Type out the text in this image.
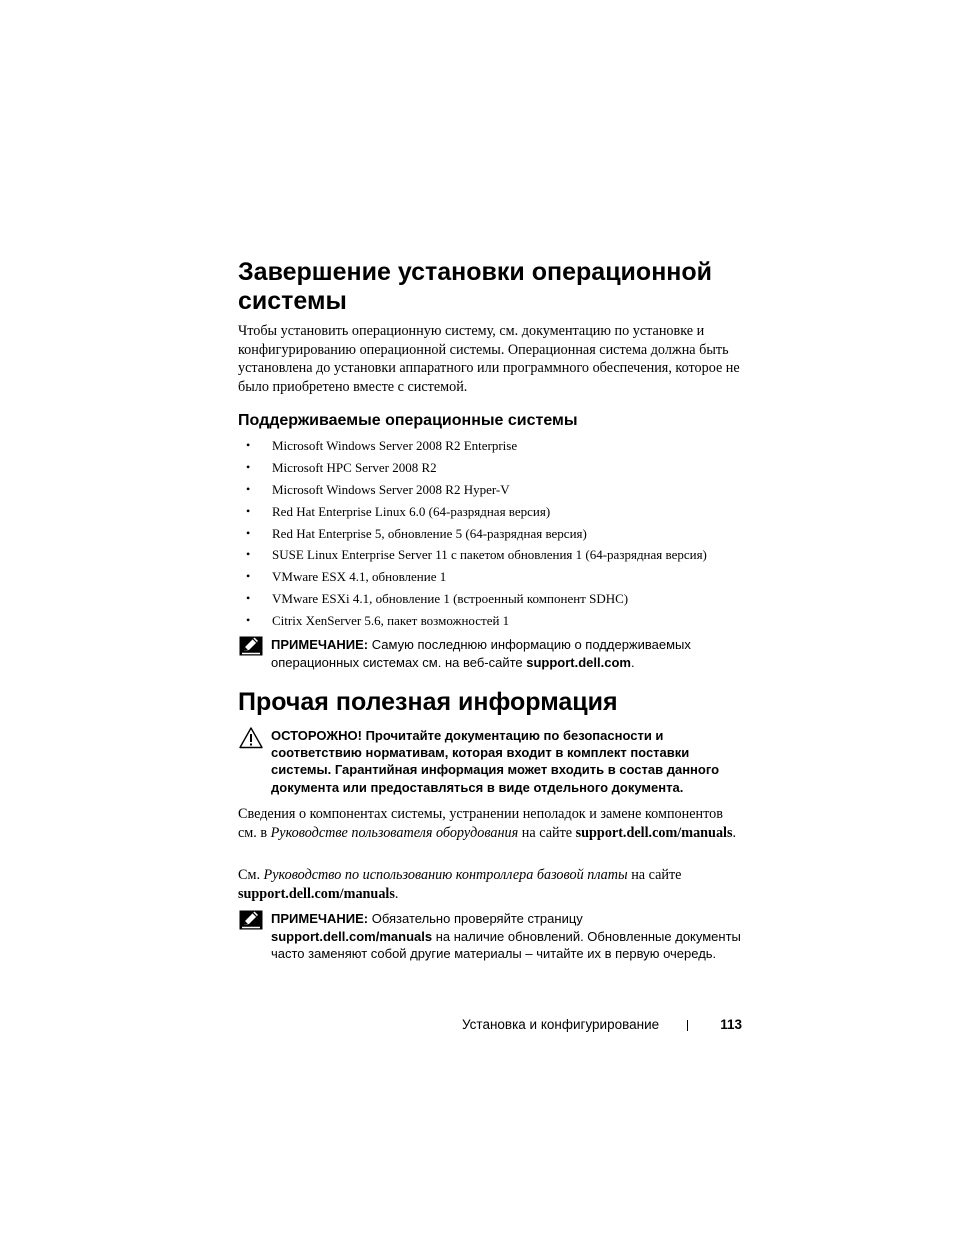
Завершение установки операционной системы

Чтобы установить операционную систему, см. документацию по установке и конфигурированию операционной системы. Операционная система должна быть установлена до установки аппаратного или программного обеспечения, которое не было приобретено вместе с системой.

Поддерживаемые операционные системы
• Microsoft Windows Server 2008 R2 Enterprise
• Microsoft HPC Server 2008 R2
• Microsoft Windows Server 2008 R2 Hyper-V
• Red Hat Enterprise Linux 6.0 (64-разрядная версия)
• Red Hat Enterprise 5, обновление 5 (64-разрядная версия)
• SUSE Linux Enterprise Server 11 с пакетом обновления 1 (64-разрядная версия)
• VMware ESX 4.1, обновление 1
• VMware ESXi 4.1, обновление 1 (встроенный компонент SDHC)
• Citrix XenServer 5.6, пакет возможностей 1
ПРИМЕЧАНИЕ: Самую последнюю информацию о поддерживаемых операционных системах см. на веб-сайте support.dell.com.
Прочая полезная информация
ОСТОРОЖНО! Прочитайте документацию по безопасности и соответствию нормативам, которая входит в комплект поставки системы. Гарантийная информация может входить в состав данного документа или предоставляться в виде отдельного документа.

Сведения о компонентах системы, устранении неполадок и замене компонентов см. в Руководстве пользователя оборудования на сайте support.dell.com/manuals.

См. Руководство по использованию контроллера базовой платы на сайте support.dell.com/manuals.

ПРИМЕЧАНИЕ: Обязательно проверяйте страницу
support.dell.com/manuals на наличие обновлений. Обновленные документы часто заменяют собой другие материалы – читайте их в первую очередь.
Установка и конфигурирование	113
